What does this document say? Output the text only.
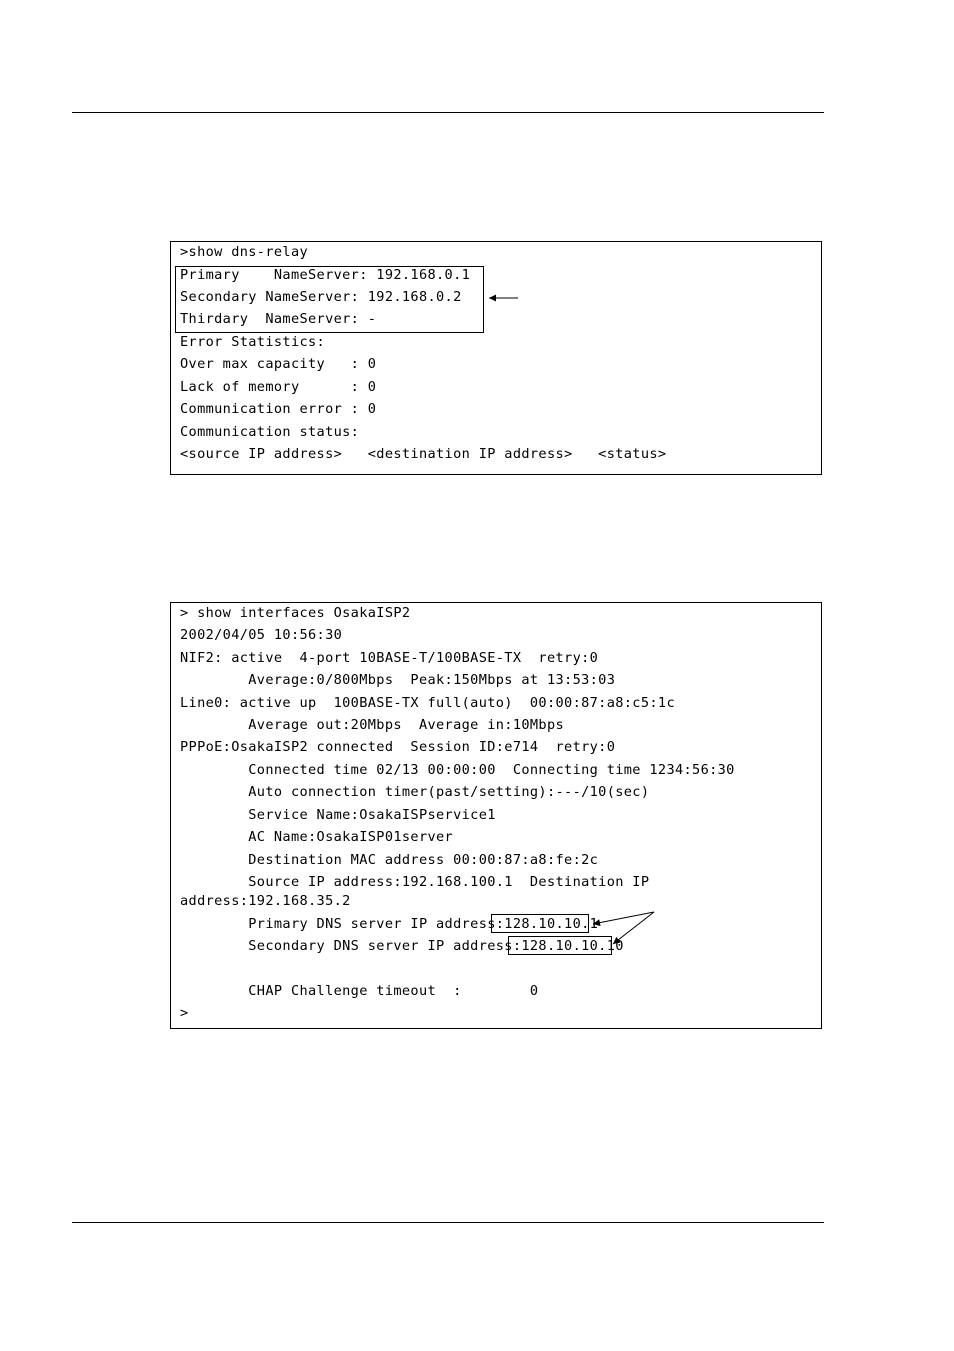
>show dns-relay
Primary    NameServer: 192.168.0.1
Secondary NameServer: 192.168.0.2
Thirdary  NameServer: -
Error Statistics:
Over max capacity   : 0
Lack of memory      : 0
Communication error : 0
Communication status:
<source IP address>   <destination IP address>   <status>
> show interfaces OsakaISP2
2002/04/05 10:56:30
NIF2: active  4-port 10BASE-T/100BASE-TX  retry:0
Average:0/800Mbps  Peak:150Mbps at 13:53:03
Line0: active up  100BASE-TX full(auto)  00:00:87:a8:c5:1c
Average out:20Mbps  Average in:10Mbps
PPPoE:OsakaISP2 connected  Session ID:e714  retry:0
Connected time 02/13 00:00:00  Connecting time 1234:56:30
Auto connection timer(past/setting):---/10(sec)
Service Name:OsakaISPservice1
AC Name:OsakaISP01server
Destination MAC address 00:00:87:a8:fe:2c
Source IP address:192.168.100.1  Destination IP
address:192.168.35.2
Primary DNS server IP address:128.10.10.1
Secondary DNS server IP address:128.10.10.10
CHAP Challenge timeout  :        0
>
